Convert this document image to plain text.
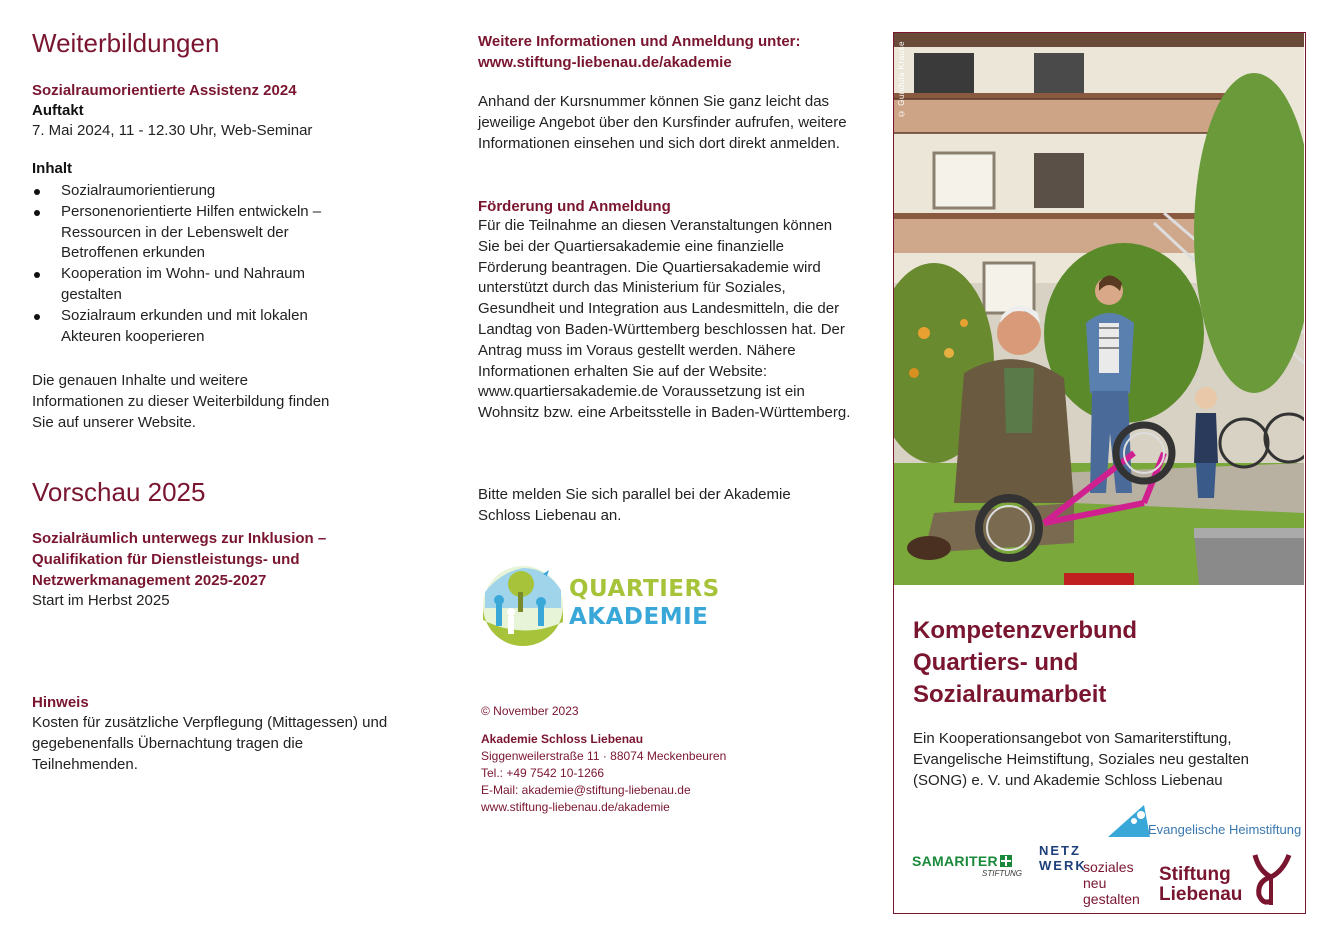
Weiterbildungen
Sozialraumorientierte Assistenz 2024
Auftakt
7. Mai 2024, 11 - 12.30 Uhr, Web-Seminar
Inhalt
Sozialraumorientierung
Personenorientierte Hilfen entwickeln – Ressourcen in der Lebenswelt der Betroffenen erkunden
Kooperation im Wohn- und Nahraum gestalten
Sozialraum erkunden und mit lokalen Akteuren kooperieren
Die genauen Inhalte und weitere Informationen zu dieser Weiterbildung finden Sie auf unserer Website.
Vorschau 2025
Sozialräumlich unterwegs zur Inklusion – Qualifikation für Dienstleistungs- und Netzwerkmanagement 2025-2027
Start im Herbst 2025
Hinweis
Kosten für zusätzliche Verpflegung (Mittagessen) und gegebenenfalls Übernachtung tragen die Teilnehmenden.
Weitere Informationen und Anmeldung unter:
www.stiftung-liebenau.de/akademie
Anhand der Kursnummer können Sie ganz leicht das jeweilige Angebot über den Kursfinder aufrufen, weitere Informationen einsehen und sich dort direkt anmelden.
Förderung und Anmeldung
Für die Teilnahme an diesen Veranstaltungen können Sie bei der Quartiersakademie eine finanzielle Förderung beantragen. Die Quartiersakademie wird unterstützt durch das Ministerium für Soziales, Gesundheit und Integration aus Landesmitteln, die der Landtag von Baden-Württemberg beschlossen hat. Der Antrag muss im Voraus gestellt werden. Nähere Informationen erhalten Sie auf der Website: www.quartiersakademie.de Voraussetzung ist ein Wohnsitz bzw. eine Arbeitsstelle in Baden-Württemberg.
Bitte melden Sie sich parallel bei der Akademie Schloss Liebenau an.
QUARTIERS
AKADEMIE
© November 2023
Akademie Schloss Liebenau
Siggenweilerstraße 11 · 88074 Meckenbeuren
Tel.: +49 7542 10-1266
E-Mail: akademie@stiftung-liebenau.de
www.stiftung-liebenau.de/akademie
© Gundula Krause
Kompetenzverbund
Quartiers- und
Sozialraumarbeit
Ein Kooperationsangebot von Samariterstiftung, Evangelische Heimstiftung, Soziales neu gestalten (SONG) e. V. und Akademie Schloss Liebenau
Evangelische Heimstiftung
SAMARITER
STIFTUNG
NETZ
WERK
soziales
neu
gestalten
Stiftung
Liebenau
